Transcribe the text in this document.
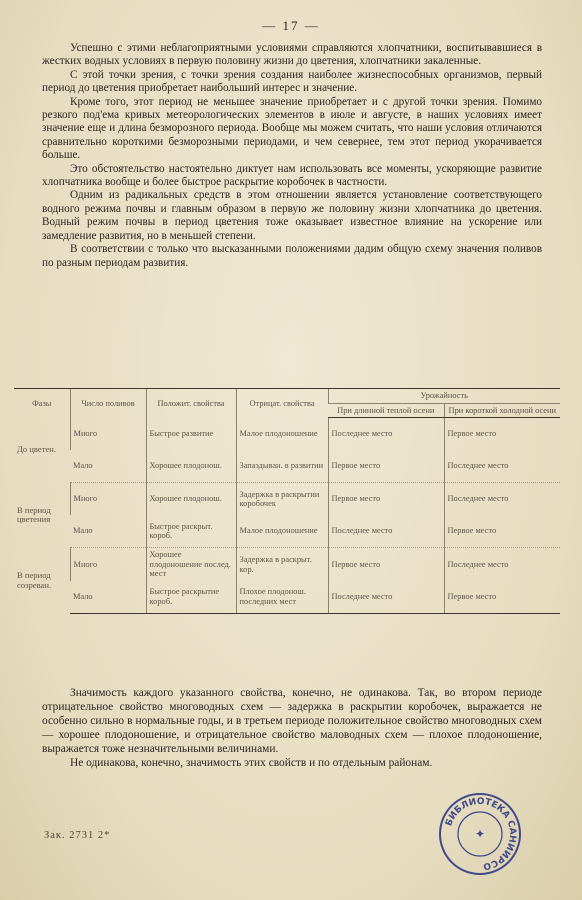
— 17 —

Успешно с этими неблагоприятными условиями справляются хлопчатники, воспитывавшиеся в жестких водных условиях в первую половину жизни до цветения, хлопчатники закаленные.

С этой точки зрения, с точки зрения создания наиболее жизнеспособных организмов, первый период до цветения приобретает наибольший интерес и значение.

Кроме того, этот период не меньшее значение приобретает и с другой точки зрения. Помимо резкого под'ема кривых метеорологических элементов в июле и августе, в наших условиях имеет значение еще и длина безморозного периода. Вообще мы можем считать, что наши условия отличаются сравнительно короткими безморозными периодами, и чем севернее, тем этот период укорачивается больше.

Это обстоятельство настоятельно диктует нам использовать все моменты, ускоряющие развитие хлопчатника вообще и более быстрое раскрытие коробочек в частности.

Одним из радикальных средств в этом отношении является установление соответствующего водного режима почвы и главным образом в первую же половину жизни хлопчатника до цветения. Водный режим почвы в период цветения тоже оказывает известное влияние на ускорение или замедление развития, но в меньшей степени.

В соответствии с только что высказанными положениями дадим общую схему значения поливов по разным периодам развития.

Фазы	Число поливов	Положит. свойства	Отрицат. свойства	Урожайность	
				При длинной теплой осени	При короткой холодной осени
До цветен.	Много	Быстрое развитие	Малое плодоношение	Последнее место	Первое место
	Мало	Хорошее плодонош.	Запаздыван. в развитии	Первое место	Последнее место
В период цветения	Много	Хорошее плодонош.	Задержка в раскрытии коробочек	Первое место	Последнее место
	Мало	Быстрое раскрыт. короб.	Малое плодоношение	Последнее место	Первое место
В период созреван.	Много	Хорошее плодоношение послед. мест	Задержка в раскрыт. кор.	Первое место	Последнее место
	Мало	Быстрое раскрытие короб.	Плохое плодонош. последних мест	Последнее место	Первое место

Значимость каждого указанного свойства, конечно, не одинакова. Так, во втором периоде отрицательное свойство многоводных схем — задержка в раскрытии коробочек, выражается не особенно сильно в нормальные годы, и в третьем периоде положительное свойство многоводных схем — хорошее плодоношение, и отрицательное свойство маловодных схем — плохое плодоношение, выражается тоже незначительными величинами.

Не одинакова, конечно, значимость этих свойств и по отдельным районам.

Зак. 2731 2*
БИБЛИОТЕКА САНИИРСО
✦
